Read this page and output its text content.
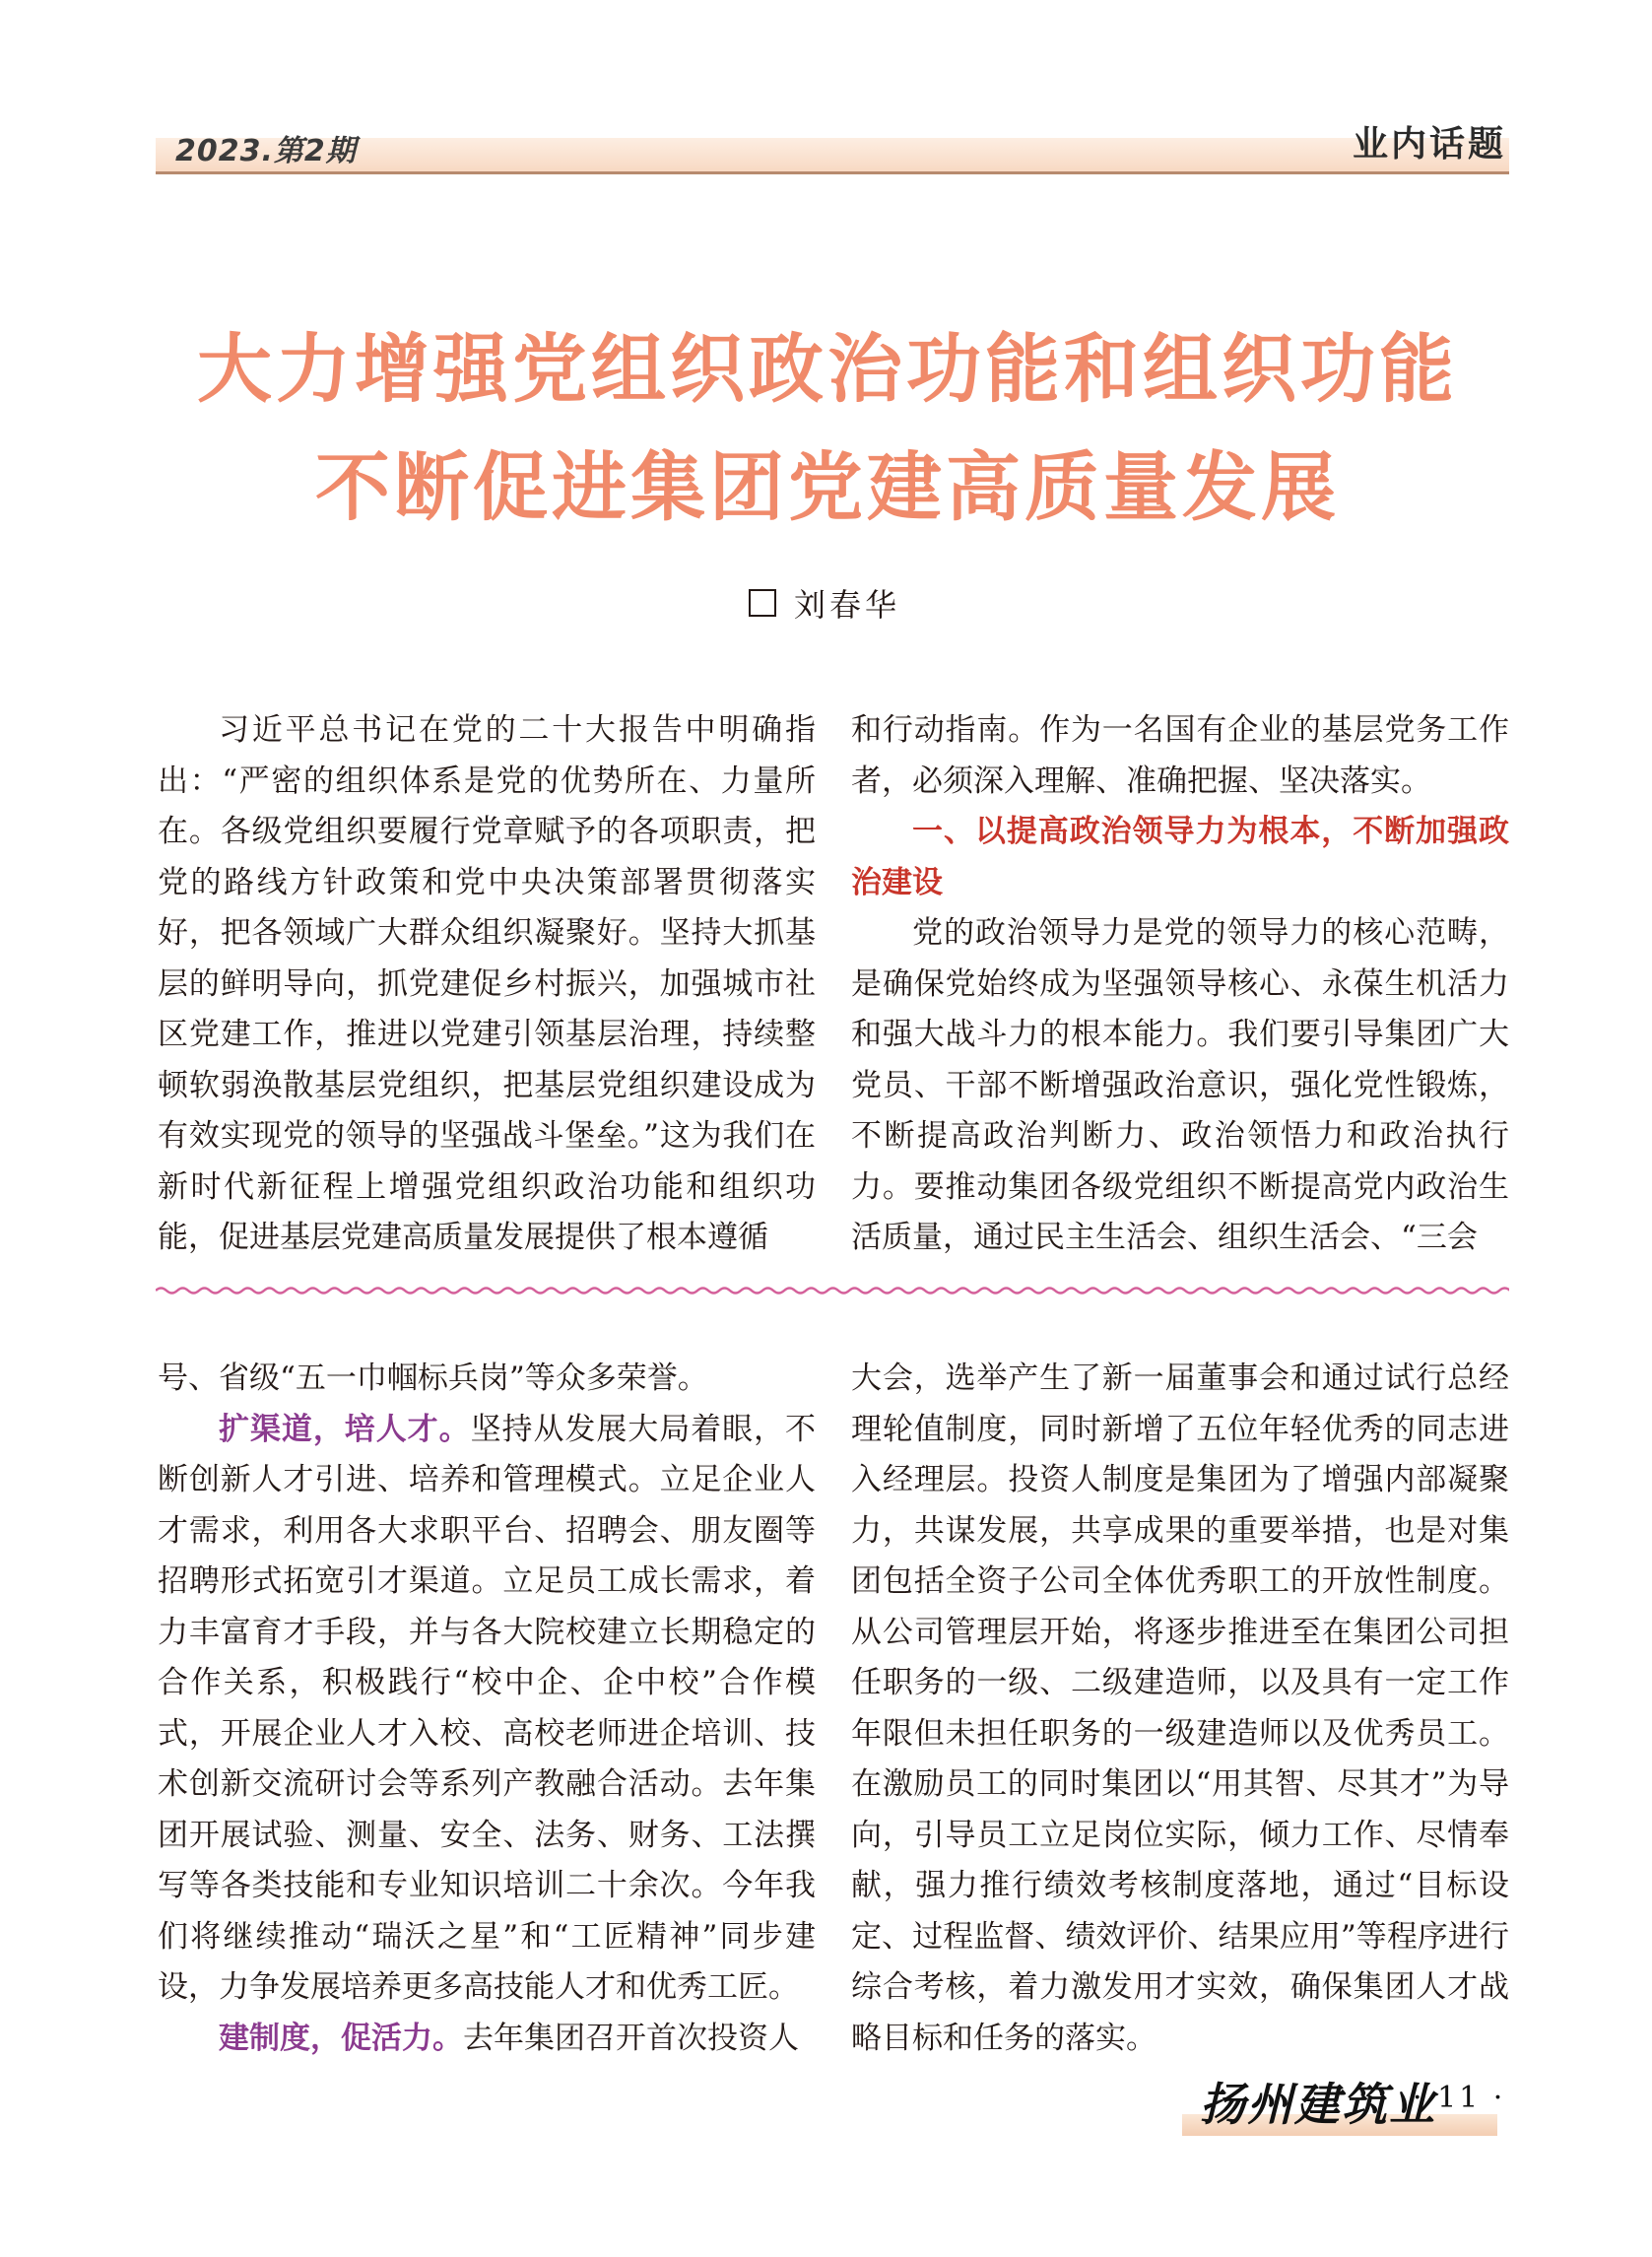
2023.第2期	业内话题
大力增强党组织政治功能和组织功能
不断促进集团党建高质量发展
刘春华

习近平总书记在党的二十大报告中明确指出：“严密的组织体系是党的优势所在、力量所在。各级党组织要履行党章赋予的各项职责，把党的路线方针政策和党中央决策部署贯彻落实好，把各领域广大群众组织凝聚好。坚持大抓基层的鲜明导向，抓党建促乡村振兴，加强城市社区党建工作，推进以党建引领基层治理，持续整顿软弱涣散基层党组织，把基层党组织建设成为有效实现党的领导的坚强战斗堡垒。”这为我们在新时代新征程上增强党组织政治功能和组织功能，促进基层党建高质量发展提供了根本遵循

和行动指南。作为一名国有企业的基层党务工作者，必须深入理解、准确把握、坚决落实。

一、以提高政治领导力为根本，不断加强政治建设

党的政治领导力是党的领导力的核心范畴，是确保党始终成为坚强领导核心、永葆生机活力和强大战斗力的根本能力。我们要引导集团广大党员、干部不断增强政治意识，强化党性锻炼，不断提高政治判断力、政治领悟力和政治执行力。要推动集团各级党组织不断提高党内政治生活质量，通过民主生活会、组织生活会、“三会

号、省级“五一巾帼标兵岗”等众多荣誉。

扩渠道，培人才。坚持从发展大局着眼，不断创新人才引进、培养和管理模式。立足企业人才需求，利用各大求职平台、招聘会、朋友圈等招聘形式拓宽引才渠道。立足员工成长需求，着力丰富育才手段，并与各大院校建立长期稳定的合作关系，积极践行“校中企、企中校”合作模式，开展企业人才入校、高校老师进企培训、技术创新交流研讨会等系列产教融合活动。去年集团开展试验、测量、安全、法务、财务、工法撰写等各类技能和专业知识培训二十余次。今年我们将继续推动“瑞沃之星”和“工匠精神”同步建设，力争发展培养更多高技能人才和优秀工匠。

建制度，促活力。去年集团召开首次投资人

大会，选举产生了新一届董事会和通过试行总经理轮值制度，同时新增了五位年轻优秀的同志进入经理层。投资人制度是集团为了增强内部凝聚力，共谋发展，共享成果的重要举措，也是对集团包括全资子公司全体优秀职工的开放性制度。从公司管理层开始，将逐步推进至在集团公司担任职务的一级、二级建造师，以及具有一定工作年限但未担任职务的一级建造师以及优秀员工。在激励员工的同时集团以“用其智、尽其才”为导向，引导员工立足岗位实际，倾力工作、尽情奉献，强力推行绩效考核制度落地，通过“目标设定、过程监督、绩效评价、结果应用”等程序进行综合考核，着力激发用才实效，确保集团人才战略目标和任务的落实。

扬州建筑业
· 11 ·
